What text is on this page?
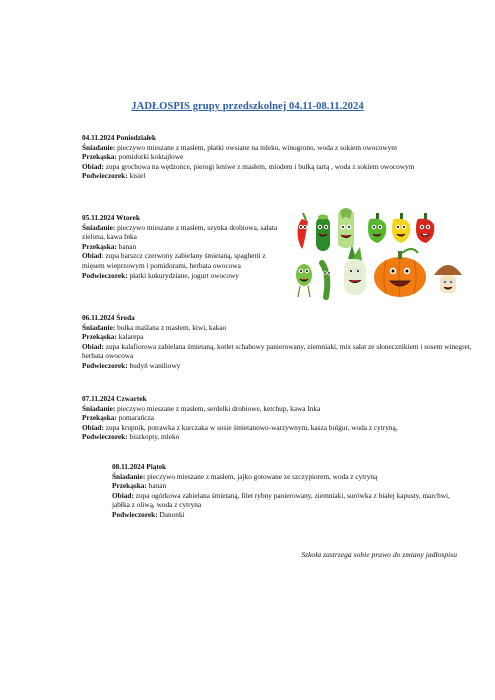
JADŁOSPIS grupy przedszkolnej 04.11-08.11.2024
04.11.2024 Poniedziałek
Śniadanie: pieczywo mieszane z masłem, płatki owsiane na mleku, winogrono, woda z sokiem owocowym
Przekąska: pomidorki koktajlowe
Obiad: zupa grochowa na wędzonce, pierogi leniwe z masłem, miodem i bułką tartą , woda z sokiem owocowym
Podwieczorek: kisiel
05.11.2024 Wtorek
Śniadanie: pieczywo mieszane z masłem, szynka drobiowa, sałata zielona, kawa Inka
Przekąska: banan
Obiad: zupa barszcz czerwony zabielany śmietaną, spaghetti z mięsem wieprzowym i pomidorami, herbata owocowa
Podwieczorek: płatki kukurydziane, jogurt owocowy
06.11.2024 Środa
Śniadanie: bułka maślana z masłem, kiwi, kakao
Przekąska: kalarepa
Obiad: zupa kalafiorowa zabielana śmietaną, kotlet schabowy panierowany, ziemniaki, mix sałat ze słonecznikiem i sosem winegret, herbata owocowa
Podwieczorek: budyń waniliowy
07.11.2024 Czwartek
Śniadanie: pieczywo mieszane z masłem, serdelki drobiowe, ketchup, kawa Inka
Przekąska: pomarańcza
Obiad: zupa krupnik, potrawka z kurczaka w sosie śmietanowo-warzywnym, kasza bulgur, woda z cytryną,
Podwieczorek: biszkopty, mleko
08.11.2024 Piątek
Śniadanie: pieczywo mieszane z masłem, jajko gotowane ze szczypiorem, woda z cytryną
Przekąska: banan
Obiad: zupa ogórkowa zabielana śmietaną, filet rybny panierowany, ziemniaki, surówka z białej kapusty, marchwi, jabłka z oliwą, woda z cytryna
Podwieczorek: Danonki
Szkoła zastrzega sobie prawo do zmiany jadłospisu
